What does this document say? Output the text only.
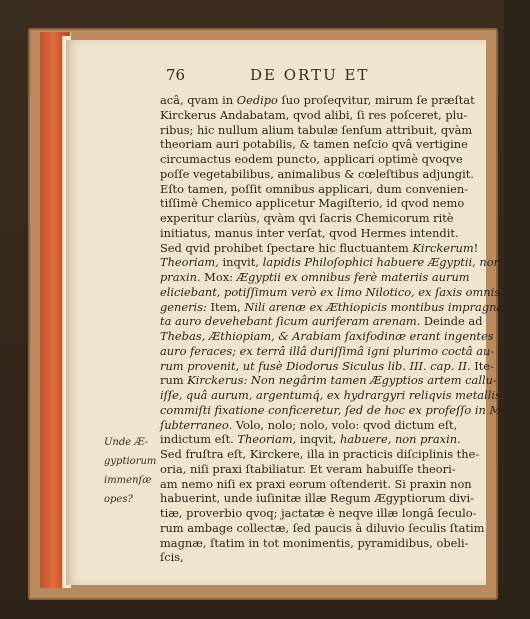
76	DE ORTU ET
acâ, qvam in Oedipo ſuo proſeqvitur, mirum ſe præſtat
Kirckerus Andabatam, qvod alibi, ſi res poſceret, plu-
ribus; hic nullum alium tabulæ ſenſum attribuit, qvàm
theoriam auri potabilis, & tamen neſcio qvâ vertigine
circumactus eodem puncto, applicari optimè qvoqve
poſſe vegetabilibus, animalibus & cœleſtibus adjungit.
Eſto tamen, poſſit omnibus applicari, dum convenien-
tiſſimè Chemico applicetur Magiſterio, id qvod nemo
experitur clariùs, qvàm qvi ſacris Chemicorum ritè
initiatus, manus inter verſat, qvod Hermes intendit.
Sed qvid prohibet ſpectare hic fluctuantem Kirckerum!
Theoriam, inqvit, lapidis Philoſophici habuere Ægyptii, non
praxin. Mox: Ægyptii ex omnibus ferè materiis aurum
eliciebant, potiſſimum verò ex limo Nilotico, ex ſaxis omnis
generis: Item, Nili arenæ ex Æthiopicis montibus impragna-
ta auro devehebant ſicum auriferam arenam. Deinde ad
Thebas, Æthiopiam, & Arabiam ſaxifodinæ erant ingentes
auro feraces; ex terrâ illâ duriſſimâ igni plurimo coctâ au-
rum provenit, ut fusè Diodorus Siculus lib. III. cap. II. Ite-
rum Kirckerus: Non negârim tamen Ægyptios artem callu-
iſſe, quâ aurum, argentumq́, ex hydrargyri reliqvis metallis
commiſti fixatione conficeretur, ſed de hoc ex profeſſo in Mundo
ſubterraneo. Volo, nolo; nolo, volo: qvod dictum eſt,
indictum eſt. Theoriam, inqvit, habuere, non praxin.
Sed fruſtra eſt, Kirckere, illa in practicis diſciplinis the-
oria, niſi praxi ſtabiliatur. Et veram habuiſſe theori-
am nemo niſi ex praxi eorum oſtenderit. Si praxin non
habuerint, unde iuſinitæ illæ Regum Ægyptiorum divi-
tiæ, proverbio qvoq; jactatæ è neqve illæ longâ ſeculo-
rum ambage collectæ, ſed paucis à diluvio ſeculis ſtatim
magnæ, ſtatim in tot monimentis, pyramidibus, obeli-
ſcis,
Unde Æ-
gyptiorum
immenſæ
opes?
